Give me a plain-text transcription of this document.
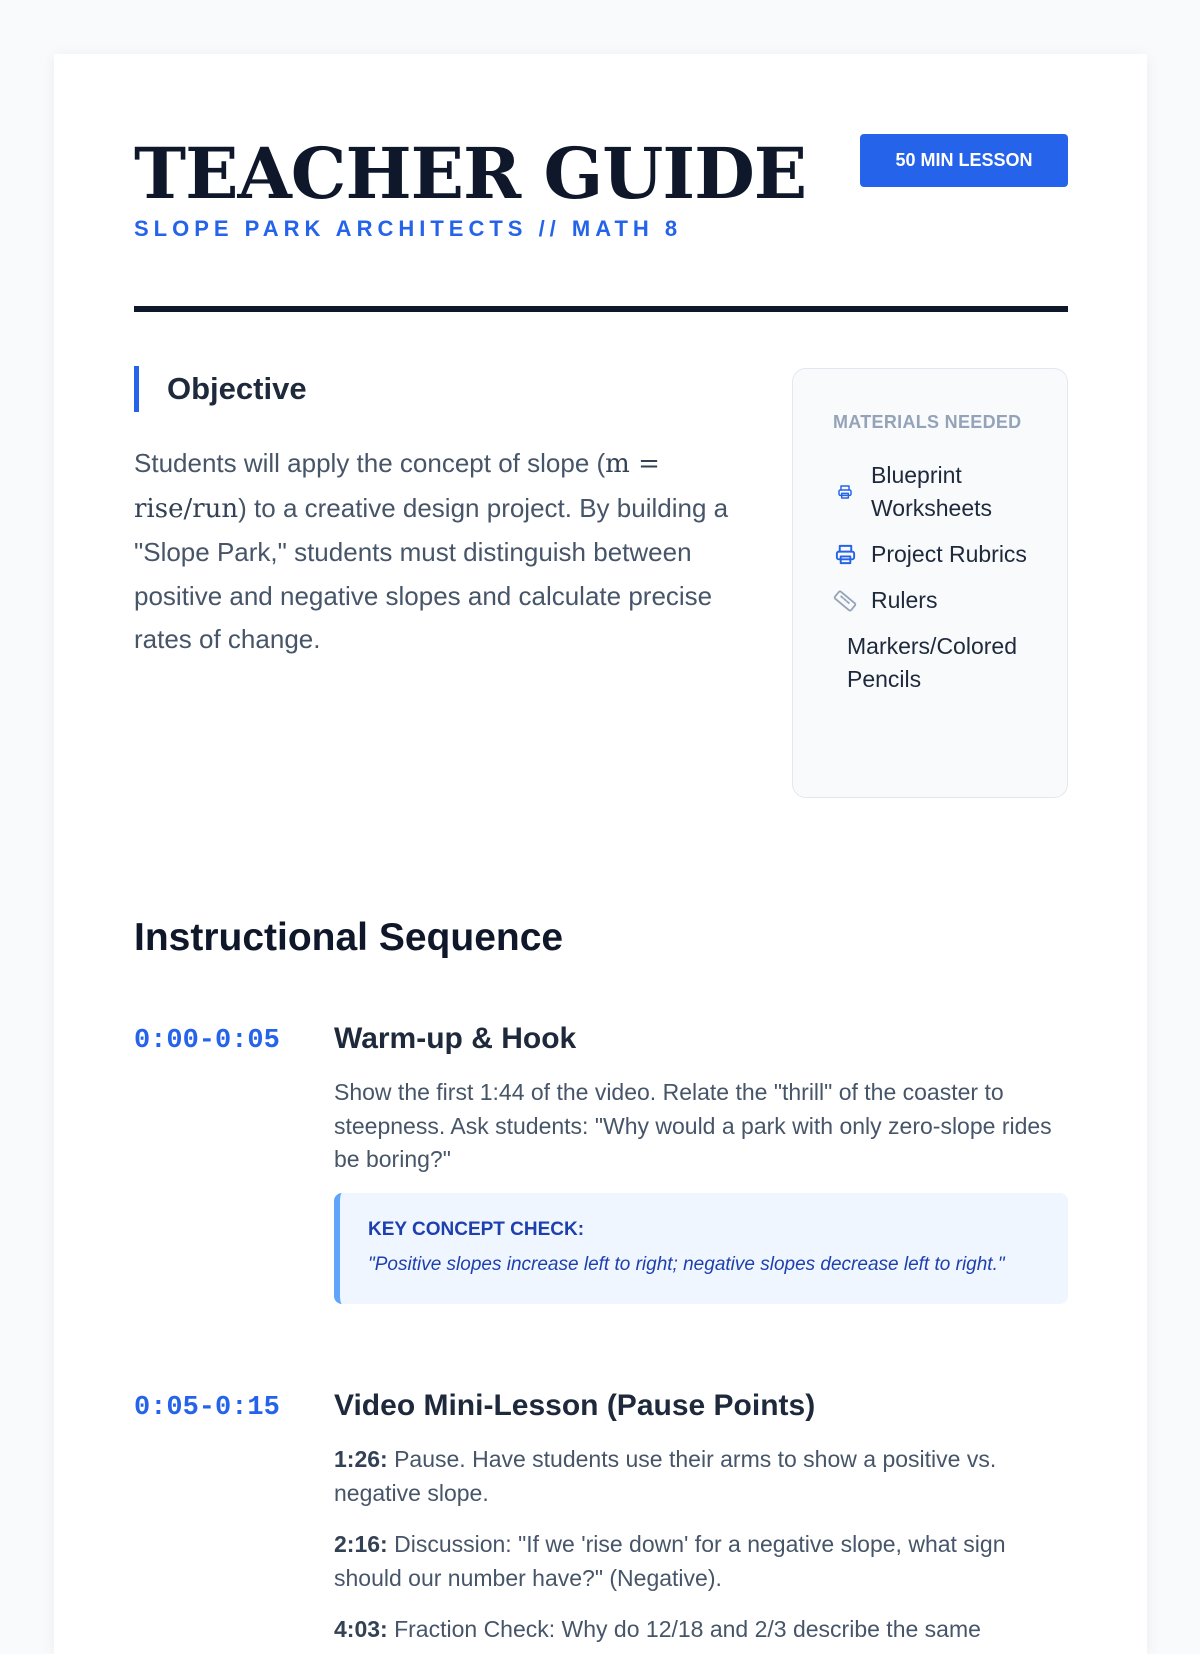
TEACHER GUIDE
SLOPE PARK ARCHITECTS // MATH 8
50 MIN LESSON
Objective

Students will apply the concept of slope (m = rise/run) to a creative design project. By building a "Slope Park," students must distinguish between positive and negative slopes and calculate precise rates of change.

MATERIALS NEEDED
Blueprint Worksheets
Project Rubrics
Rulers
Markers/Colored Pencils
Instructional Sequence
0:00-0:05 Warm-up & Hook

Show the first 1:44 of the video. Relate the "thrill" of the coaster to steepness. Ask students: "Why would a park with only zero-slope rides be boring?"

KEY CONCEPT CHECK:
"Positive slopes increase left to right; negative slopes decrease left to right."
0:05-0:15 Video Mini-Lesson (Pause Points)

1:26: Pause. Have students use their arms to show a positive vs. negative slope.

2:16: Discussion: "If we 'rise down' for a negative slope, what sign should our number have?" (Negative).

4:03: Fraction Check: Why do 12/18 and 2/3 describe the same
